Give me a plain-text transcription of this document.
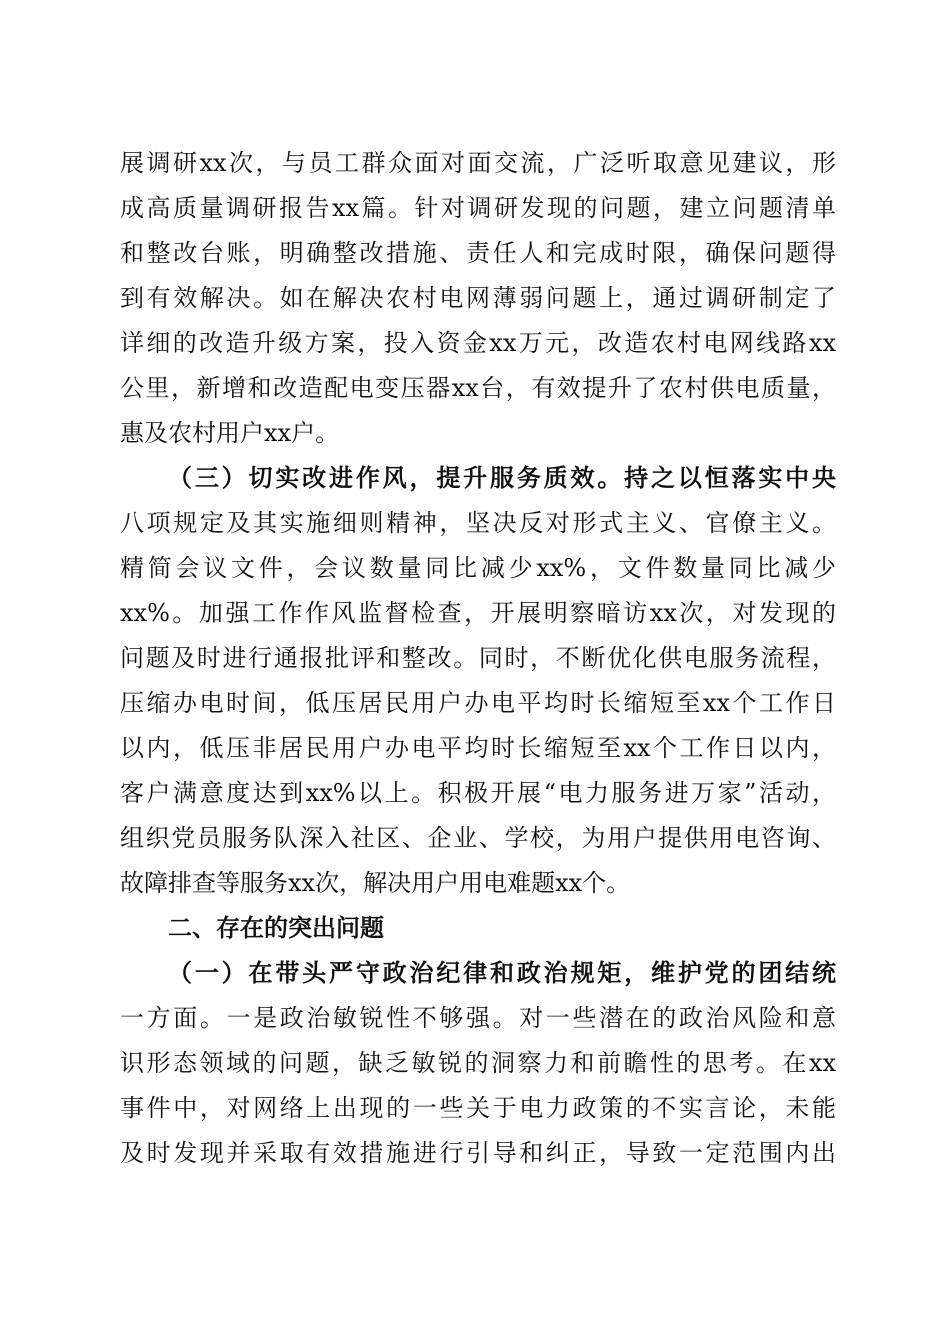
展调研xx次，与员工群众面对面交流，广泛听取意见建议，形
成高质量调研报告xx篇。针对调研发现的问题，建立问题清单
和整改台账，明确整改措施、责任人和完成时限，确保问题得
到有效解决。如在解决农村电网薄弱问题上，通过调研制定了
详细的改造升级方案，投入资金xx万元，改造农村电网线路xx
公里，新增和改造配电变压器xx台，有效提升了农村供电质量，
惠及农村用户xx户。
（三）切实改进作风，提升服务质效。持之以恒落实中央
八项规定及其实施细则精神，坚决反对形式主义、官僚主义。
精简会议文件，会议数量同比减少xx%，文件数量同比减少
xx%。加强工作作风监督检查，开展明察暗访xx次，对发现的
问题及时进行通报批评和整改。同时，不断优化供电服务流程，
压缩办电时间，低压居民用户办电平均时长缩短至xx个工作日
以内，低压非居民用户办电平均时长缩短至xx个工作日以内，
客户满意度达到xx%以上。积极开展“电力服务进万家”活动，
组织党员服务队深入社区、企业、学校，为用户提供用电咨询、
故障排查等服务xx次，解决用户用电难题xx个。
二、存在的突出问题
（一）在带头严守政治纪律和政治规矩，维护党的团结统
一方面。一是政治敏锐性不够强。对一些潜在的政治风险和意
识形态领域的问题，缺乏敏锐的洞察力和前瞻性的思考。在xx
事件中，对网络上出现的一些关于电力政策的不实言论，未能
及时发现并采取有效措施进行引导和纠正，导致一定范围内出
